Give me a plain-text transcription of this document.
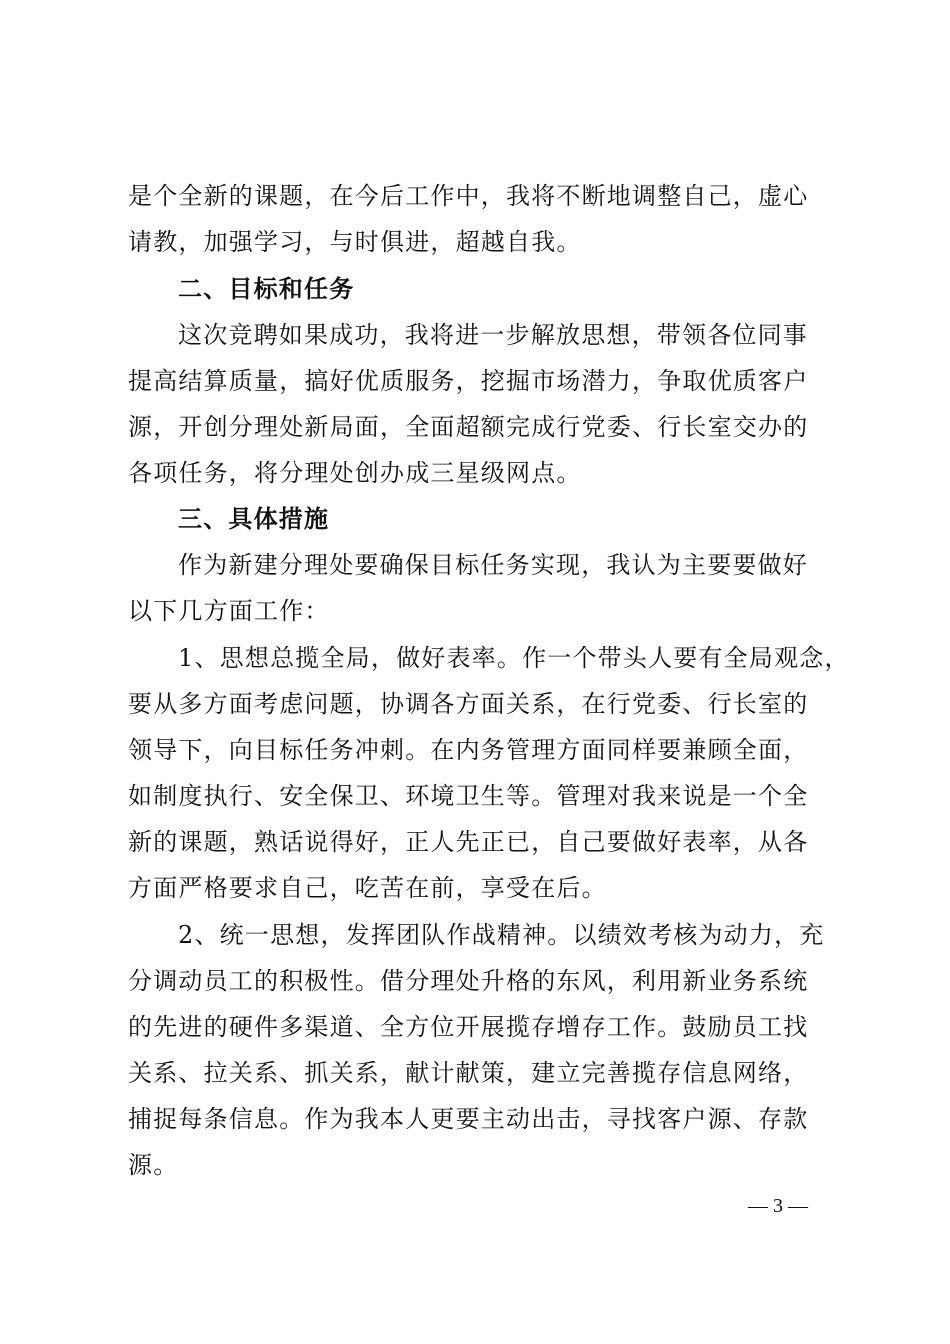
是个全新的课题，在今后工作中，我将不断地调整自己，虚心
请教，加强学习，与时俱进，超越自我。
二、目标和任务
这次竞聘如果成功，我将进一步解放思想，带领各位同事
提高结算质量，搞好优质服务，挖掘市场潜力，争取优质客户
源，开创分理处新局面，全面超额完成行党委、行长室交办的
各项任务，将分理处创办成三星级网点。
三、具体措施
作为新建分理处要确保目标任务实现，我认为主要要做好
以下几方面工作：
1、思想总揽全局，做好表率。作一个带头人要有全局观念，
要从多方面考虑问题，协调各方面关系，在行党委、行长室的
领导下，向目标任务冲刺。在内务管理方面同样要兼顾全面，
如制度执行、安全保卫、环境卫生等。管理对我来说是一个全
新的课题，熟话说得好，正人先正已，自己要做好表率，从各
方面严格要求自己，吃苦在前，享受在后。
2、统一思想，发挥团队作战精神。以绩效考核为动力，充
分调动员工的积极性。借分理处升格的东风，利用新业务系统
的先进的硬件多渠道、全方位开展揽存增存工作。鼓励员工找
关系、拉关系、抓关系，献计献策，建立完善揽存信息网络，
捕捉每条信息。作为我本人更要主动出击，寻找客户源、存款
源。
— 3 —
